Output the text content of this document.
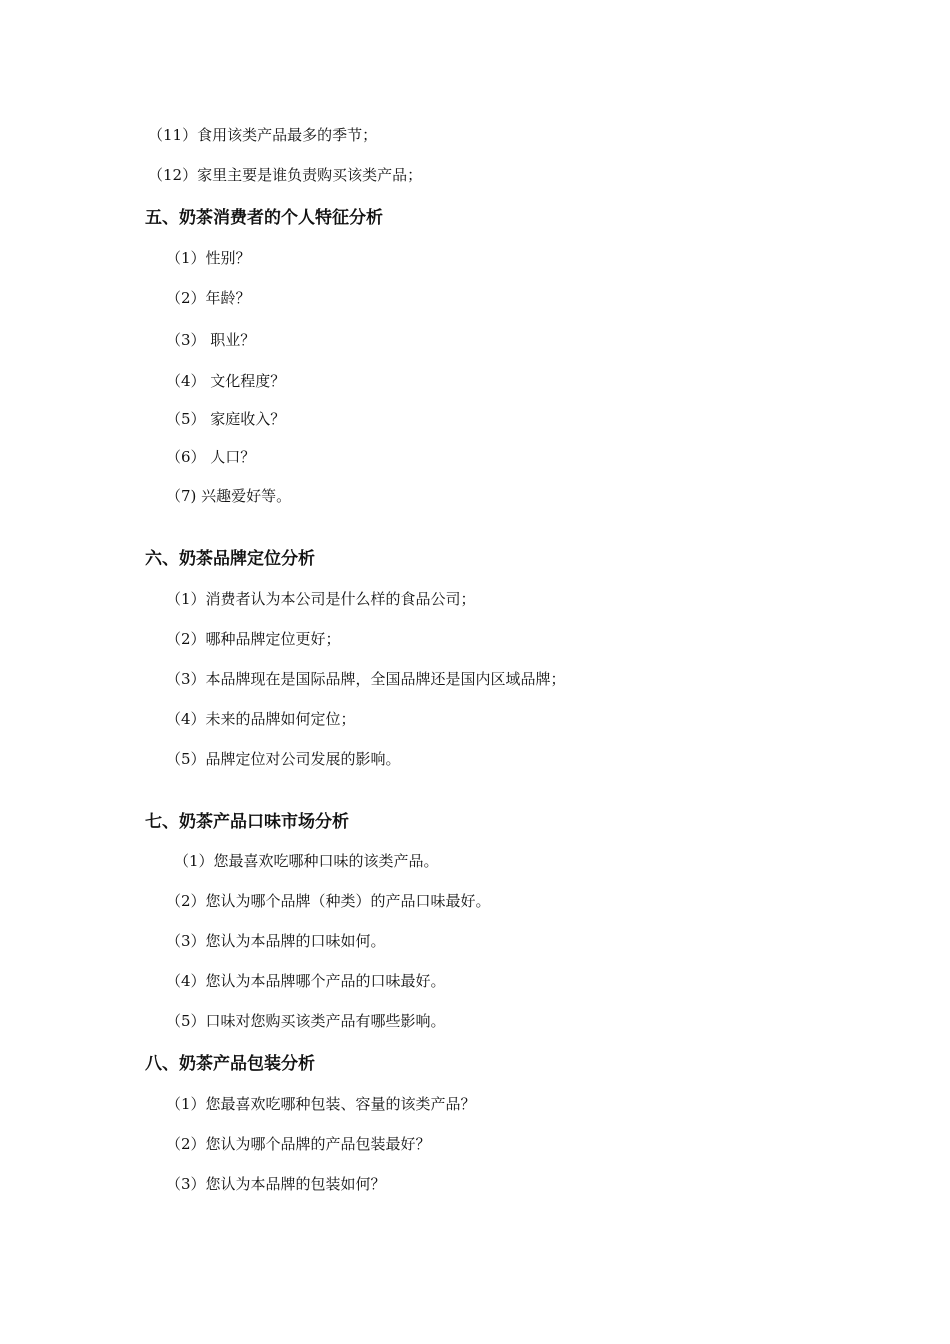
（11）食用该类产品最多的季节；
（12）家里主要是谁负责购买该类产品；
五、奶茶消费者的个人特征分析
（1）性别？
（2）年龄？
（3） 职业？
（4） 文化程度？
（5） 家庭收入？
（6） 人口？
（7) 兴趣爱好等。
六、奶茶品牌定位分析
（1）消费者认为本公司是什么样的食品公司；
（2）哪种品牌定位更好；
（3）本品牌现在是国际品牌，全国品牌还是国内区域品牌；
（4）未来的品牌如何定位；
（5）品牌定位对公司发展的影响。
七、奶茶产品口味市场分析
（1）您最喜欢吃哪种口味的该类产品。
（2）您认为哪个品牌（种类）的产品口味最好。
（3）您认为本品牌的口味如何。
（4）您认为本品牌哪个产品的口味最好。
（5）口味对您购买该类产品有哪些影响。
八、奶茶产品包装分析
（1）您最喜欢吃哪种包装、容量的该类产品？
（2）您认为哪个品牌的产品包装最好？
（3）您认为本品牌的包装如何？
